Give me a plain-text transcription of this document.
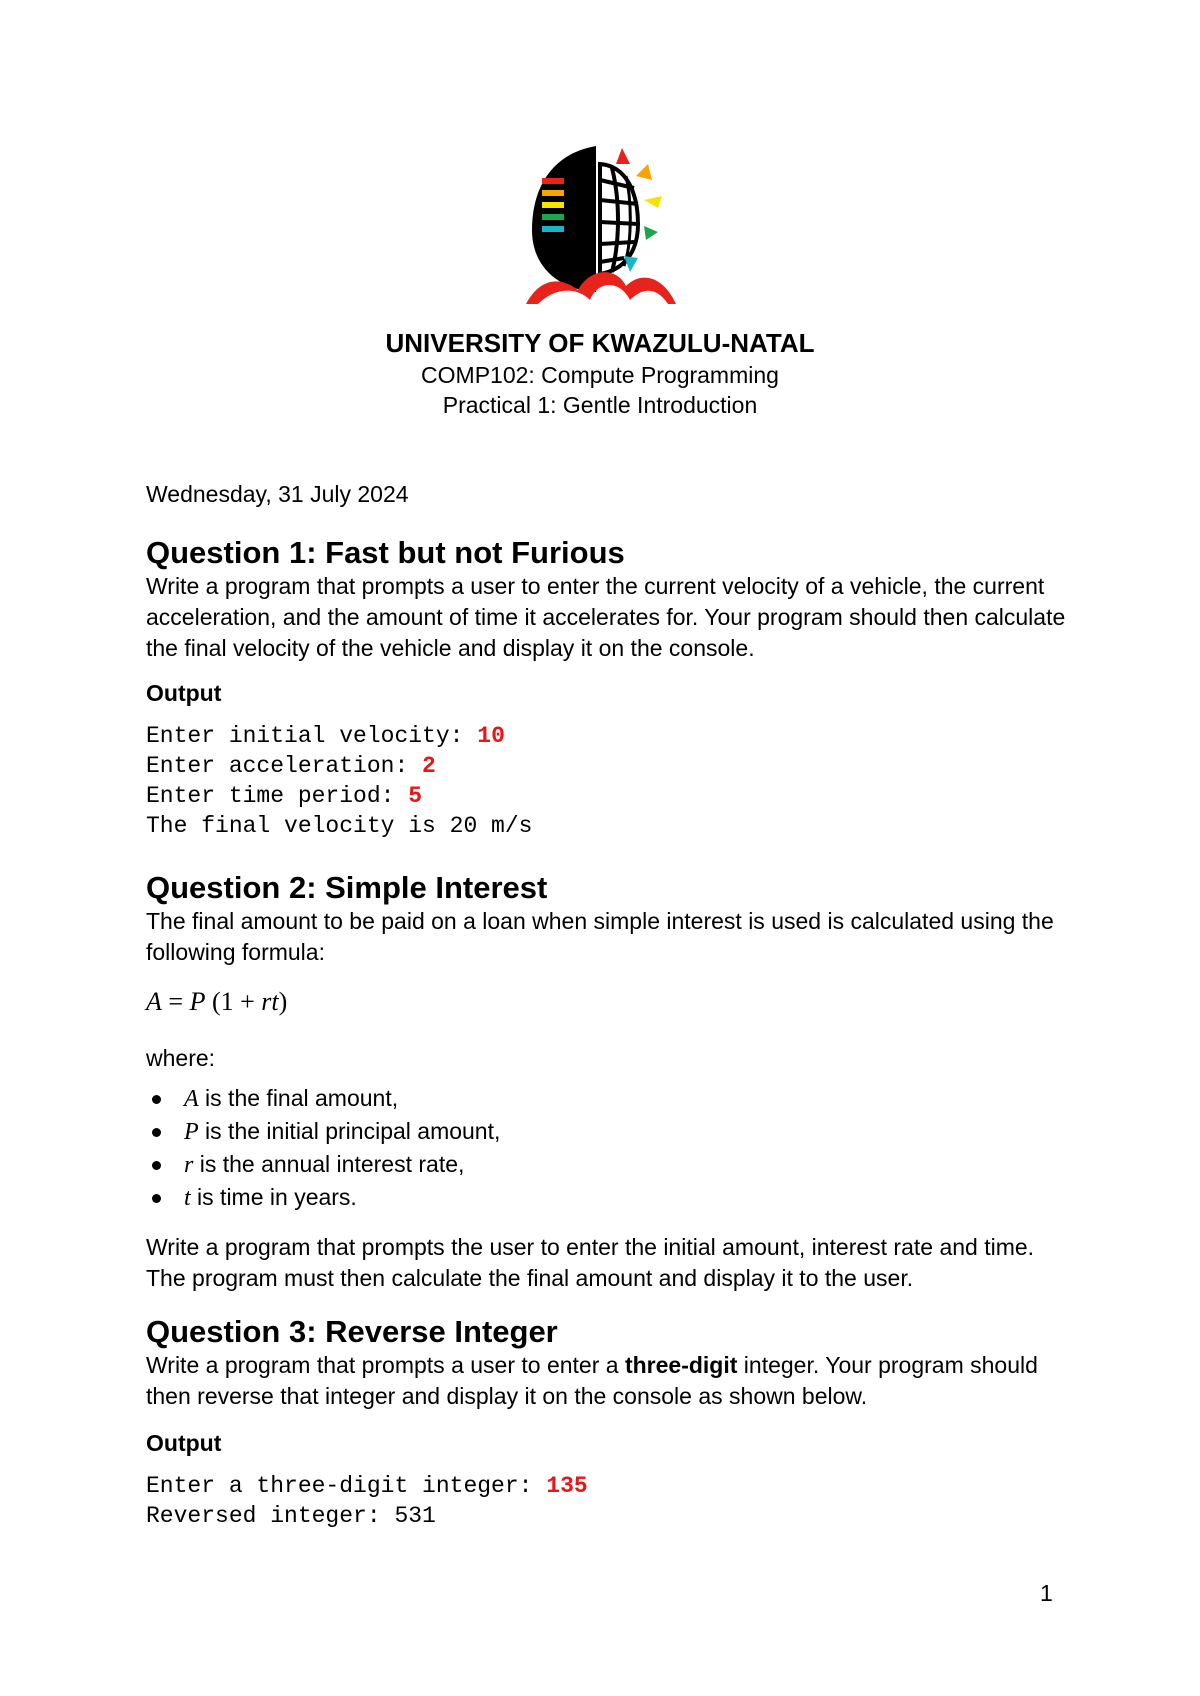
UNIVERSITY OF KWAZULU-NATAL
COMP102: Compute Programming
Practical 1: Gentle Introduction
Wednesday, 31 July 2024
Question 1: Fast but not Furious
Write a program that prompts a user to enter the current velocity of a vehicle, the current acceleration, and the amount of time it accelerates for. Your program should then calculate the final velocity of the vehicle and display it on the console.
Output
Enter initial velocity: 10
Enter acceleration: 2
Enter time period: 5
The final velocity is 20 m/s
Question 2: Simple Interest
The final amount to be paid on a loan when simple interest is used is calculated using the following formula:
A = P (1 + rt)
where:
A is the final amount,
P is the initial principal amount,
r is the annual interest rate,
t is time in years.
Write a program that prompts the user to enter the initial amount, interest rate and time. The program must then calculate the final amount and display it to the user.
Question 3: Reverse Integer
Write a program that prompts a user to enter a three-digit integer. Your program should then reverse that integer and display it on the console as shown below.
Output
Enter a three-digit integer: 135
Reversed integer: 531
1
